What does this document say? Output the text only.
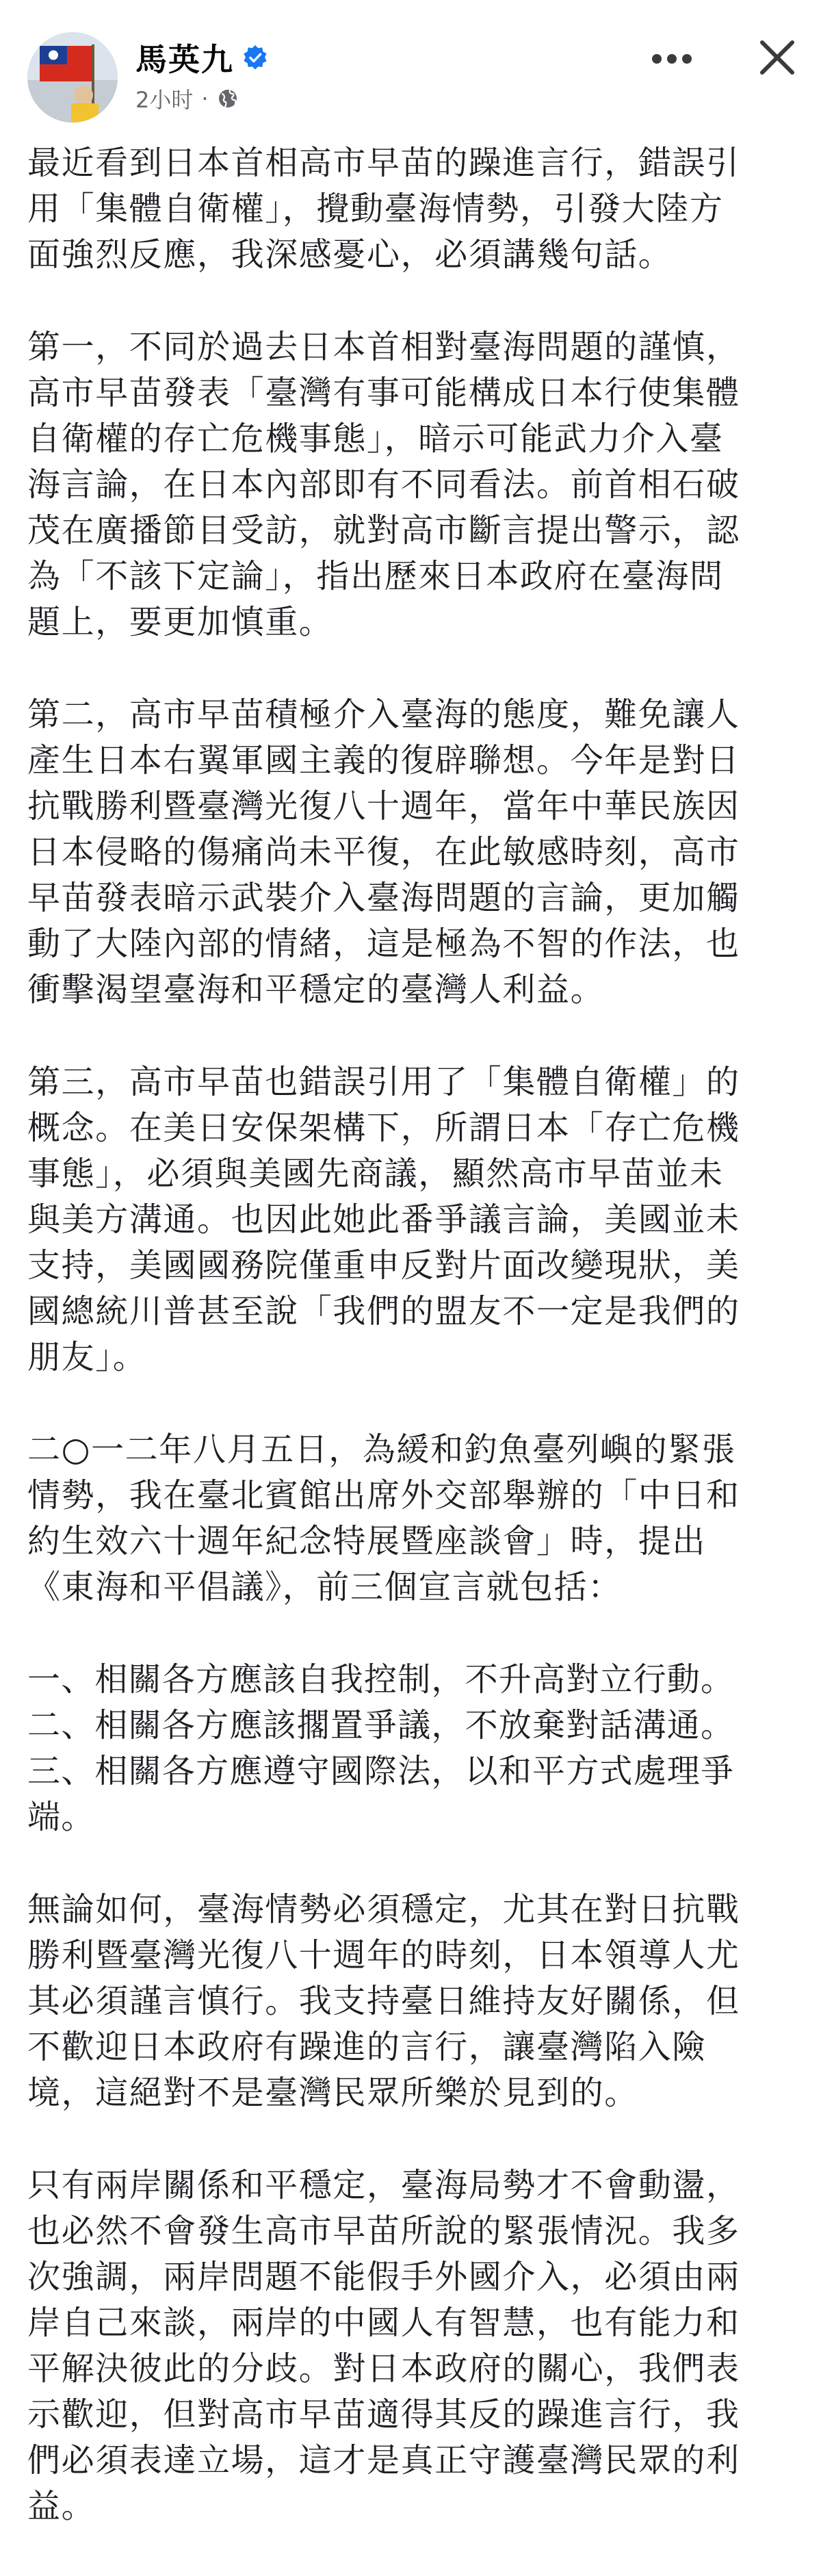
馬英九
2小时 ·

最近看到日本首相高市早苗的躁進言行，錯誤引
用「集體自衛權」，攪動臺海情勢，引發大陸方
面強烈反應，我深感憂心，必須講幾句話。

第一，不同於過去日本首相對臺海問題的謹慎，
高市早苗發表「臺灣有事可能構成日本行使集體
自衛權的存亡危機事態」，暗示可能武力介入臺
海言論，在日本內部即有不同看法。前首相石破
茂在廣播節目受訪，就對高市斷言提出警示，認
為「不該下定論」，指出歷來日本政府在臺海問
題上，要更加慎重。

第二，高市早苗積極介入臺海的態度，難免讓人
產生日本右翼軍國主義的復辟聯想。今年是對日
抗戰勝利暨臺灣光復八十週年，當年中華民族因
日本侵略的傷痛尚未平復，在此敏感時刻，高市
早苗發表暗示武裝介入臺海問題的言論，更加觸
動了大陸內部的情緒，這是極為不智的作法，也
衝擊渴望臺海和平穩定的臺灣人利益。

第三，高市早苗也錯誤引用了「集體自衛權」的
概念。在美日安保架構下，所謂日本「存亡危機
事態」，必須與美國先商議，顯然高市早苗並未
與美方溝通。也因此她此番爭議言論，美國並未
支持，美國國務院僅重申反對片面改變現狀，美
國總統川普甚至說「我們的盟友不一定是我們的
朋友」。

二○一二年八月五日，為緩和釣魚臺列嶼的緊張
情勢，我在臺北賓館出席外交部舉辦的「中日和
約生效六十週年紀念特展暨座談會」時，提出
《東海和平倡議》，前三個宣言就包括：

一、相關各方應該自我控制，不升高對立行動。
二、相關各方應該擱置爭議，不放棄對話溝通。
三、相關各方應遵守國際法，以和平方式處理爭
端。

無論如何，臺海情勢必須穩定，尤其在對日抗戰
勝利暨臺灣光復八十週年的時刻，日本領導人尤
其必須謹言慎行。我支持臺日維持友好關係，但
不歡迎日本政府有躁進的言行，讓臺灣陷入險
境，這絕對不是臺灣民眾所樂於見到的。

只有兩岸關係和平穩定，臺海局勢才不會動盪，
也必然不會發生高市早苗所說的緊張情況。我多
次強調，兩岸問題不能假手外國介入，必須由兩
岸自己來談，兩岸的中國人有智慧，也有能力和
平解決彼此的分歧。對日本政府的關心，我們表
示歡迎，但對高市早苗適得其反的躁進言行，我
們必須表達立場，這才是真正守護臺灣民眾的利
益。
